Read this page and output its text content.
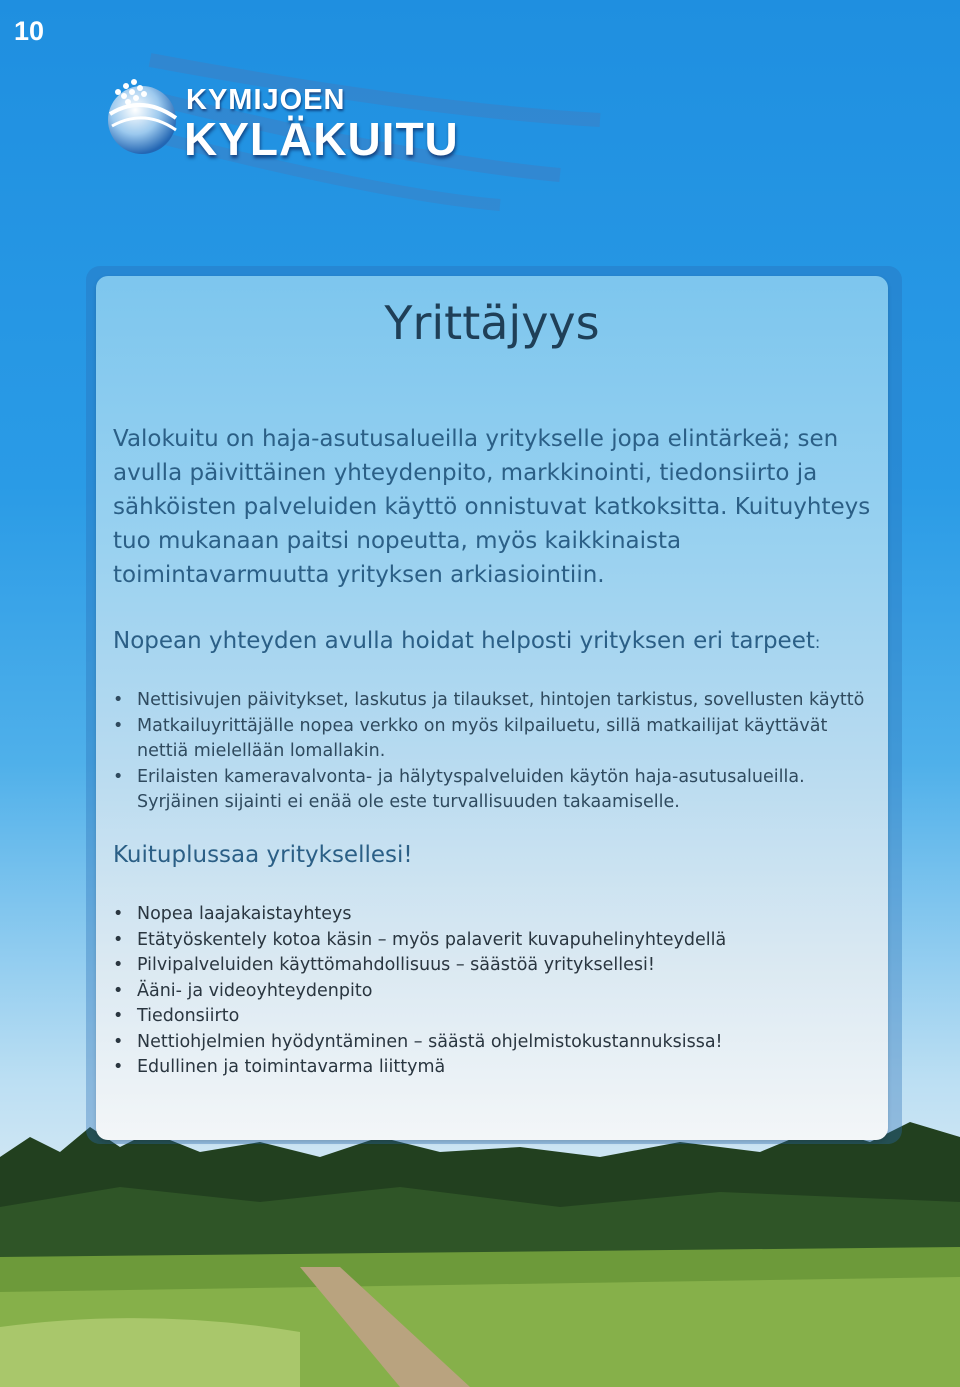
10
KYMIJOEN
KYLÄKUITU
Yrittäjyys
Valokuitu on haja-asutusalueilla yritykselle jopa elintärkeä; sen avulla päivittäinen yhteydenpito, markkinointi, tiedonsiirto ja sähköisten palveluiden käyttö onnistuvat katkoksitta. Kuituyhteys tuo mukanaan paitsi nopeutta, myös kaikkinaista toimintavarmuutta yrityksen arkiasiointiin.
Nopean yhteyden avulla hoidat helposti yrityksen eri tarpeet:
• Nettisivujen päivitykset, laskutus ja tilaukset, hintojen tarkistus, sovellusten käyttö
• Matkailuyrittäjälle nopea verkko on myös kilpailuetu, sillä matkailijat käyttävät nettiä mielellään lomallakin.
• Erilaisten kameravalvonta- ja hälytyspalveluiden käytön haja-asutusalueilla. Syrjäinen sijainti ei enää ole este turvallisuuden takaamiselle.
Kuituplussaa yrityksellesi!
• Nopea laajakaistayhteys
• Etätyöskentely kotoa käsin – myös palaverit kuvapuhelinyhteydellä
• Pilvipalveluiden käyttömahdollisuus – säästöä yrityksellesi!
• Ääni- ja videoyhteydenpito
• Tiedonsiirto
• Nettiohjelmien hyödyntäminen – säästä ohjelmistokustannuksissa!
• Edullinen ja toimintavarma liittymä
